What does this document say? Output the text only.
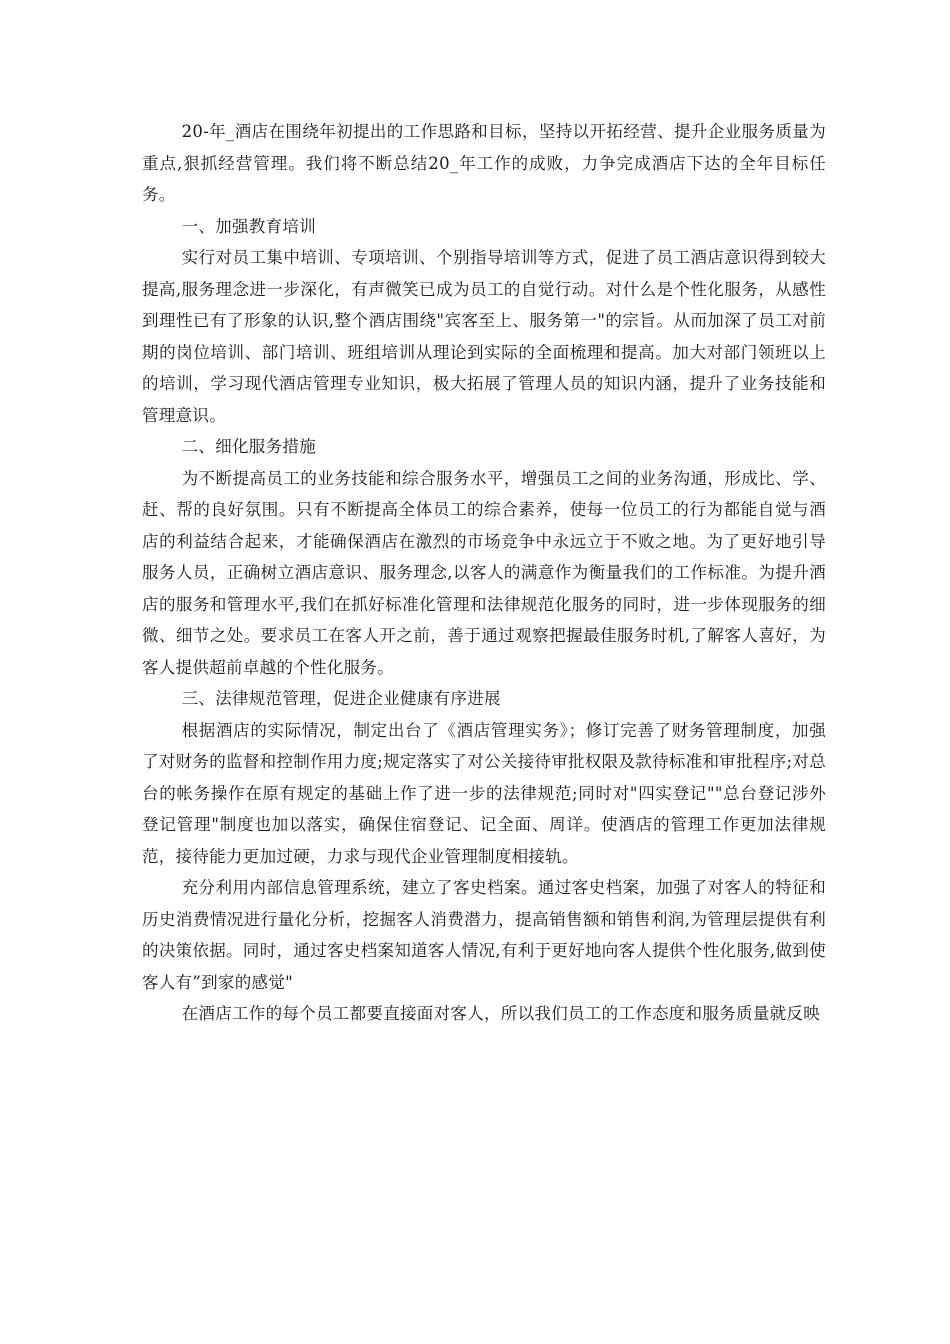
20-年_酒店在围绕年初提出的工作思路和目标，坚持以开拓经营、提升企业服务质量为重点,狠抓经营管理。我们将不断总结20_年工作的成败，力争完成酒店下达的全年目标任务。

一、加强教育培训

实行对员工集中培训、专项培训、个别指导培训等方式，促进了员工酒店意识得到较大提高,服务理念进一步深化，有声微笑已成为员工的自觉行动。对什么是个性化服务，从感性到理性已有了形象的认识,整个酒店围绕"宾客至上、服务第一"的宗旨。从而加深了员工对前期的岗位培训、部门培训、班组培训从理论到实际的全面梳理和提高。加大对部门领班以上的培训，学习现代酒店管理专业知识，极大拓展了管理人员的知识内涵，提升了业务技能和管理意识。

二、细化服务措施

为不断提高员工的业务技能和综合服务水平，增强员工之间的业务沟通，形成比、学、赶、帮的良好氛围。只有不断提高全体员工的综合素养，使每一位员工的行为都能自觉与酒店的利益结合起来，才能确保酒店在激烈的市场竞争中永远立于不败之地。为了更好地引导服务人员，正确树立酒店意识、服务理念,以客人的满意作为衡量我们的工作标准。为提升酒店的服务和管理水平,我们在抓好标准化管理和法律规范化服务的同时，进一步体现服务的细微、细节之处。要求员工在客人开之前，善于通过观察把握最佳服务时机,了解客人喜好，为客人提供超前卓越的个性化服务。

三、法律规范管理，促进企业健康有序进展

根据酒店的实际情况，制定出台了《酒店管理实务》；修订完善了财务管理制度，加强了对财务的监督和控制作用力度;规定落实了对公关接待审批权限及款待标准和审批程序;对总台的帐务操作在原有规定的基础上作了进一步的法律规范;同时对"四实登记""总台登记涉外登记管理"制度也加以落实，确保住宿登记、记全面、周详。使酒店的管理工作更加法律规范，接待能力更加过硬，力求与现代企业管理制度相接轨。

充分利用内部信息管理系统，建立了客史档案。通过客史档案，加强了对客人的特征和历史消费情况进行量化分析，挖掘客人消费潜力，提高销售额和销售利润,为管理层提供有利的决策依据。同时，通过客史档案知道客人情况,有利于更好地向客人提供个性化服务,做到使客人有”到家的感觉"

在酒店工作的每个员工都要直接面对客人，所以我们员工的工作态度和服务质量就反映
